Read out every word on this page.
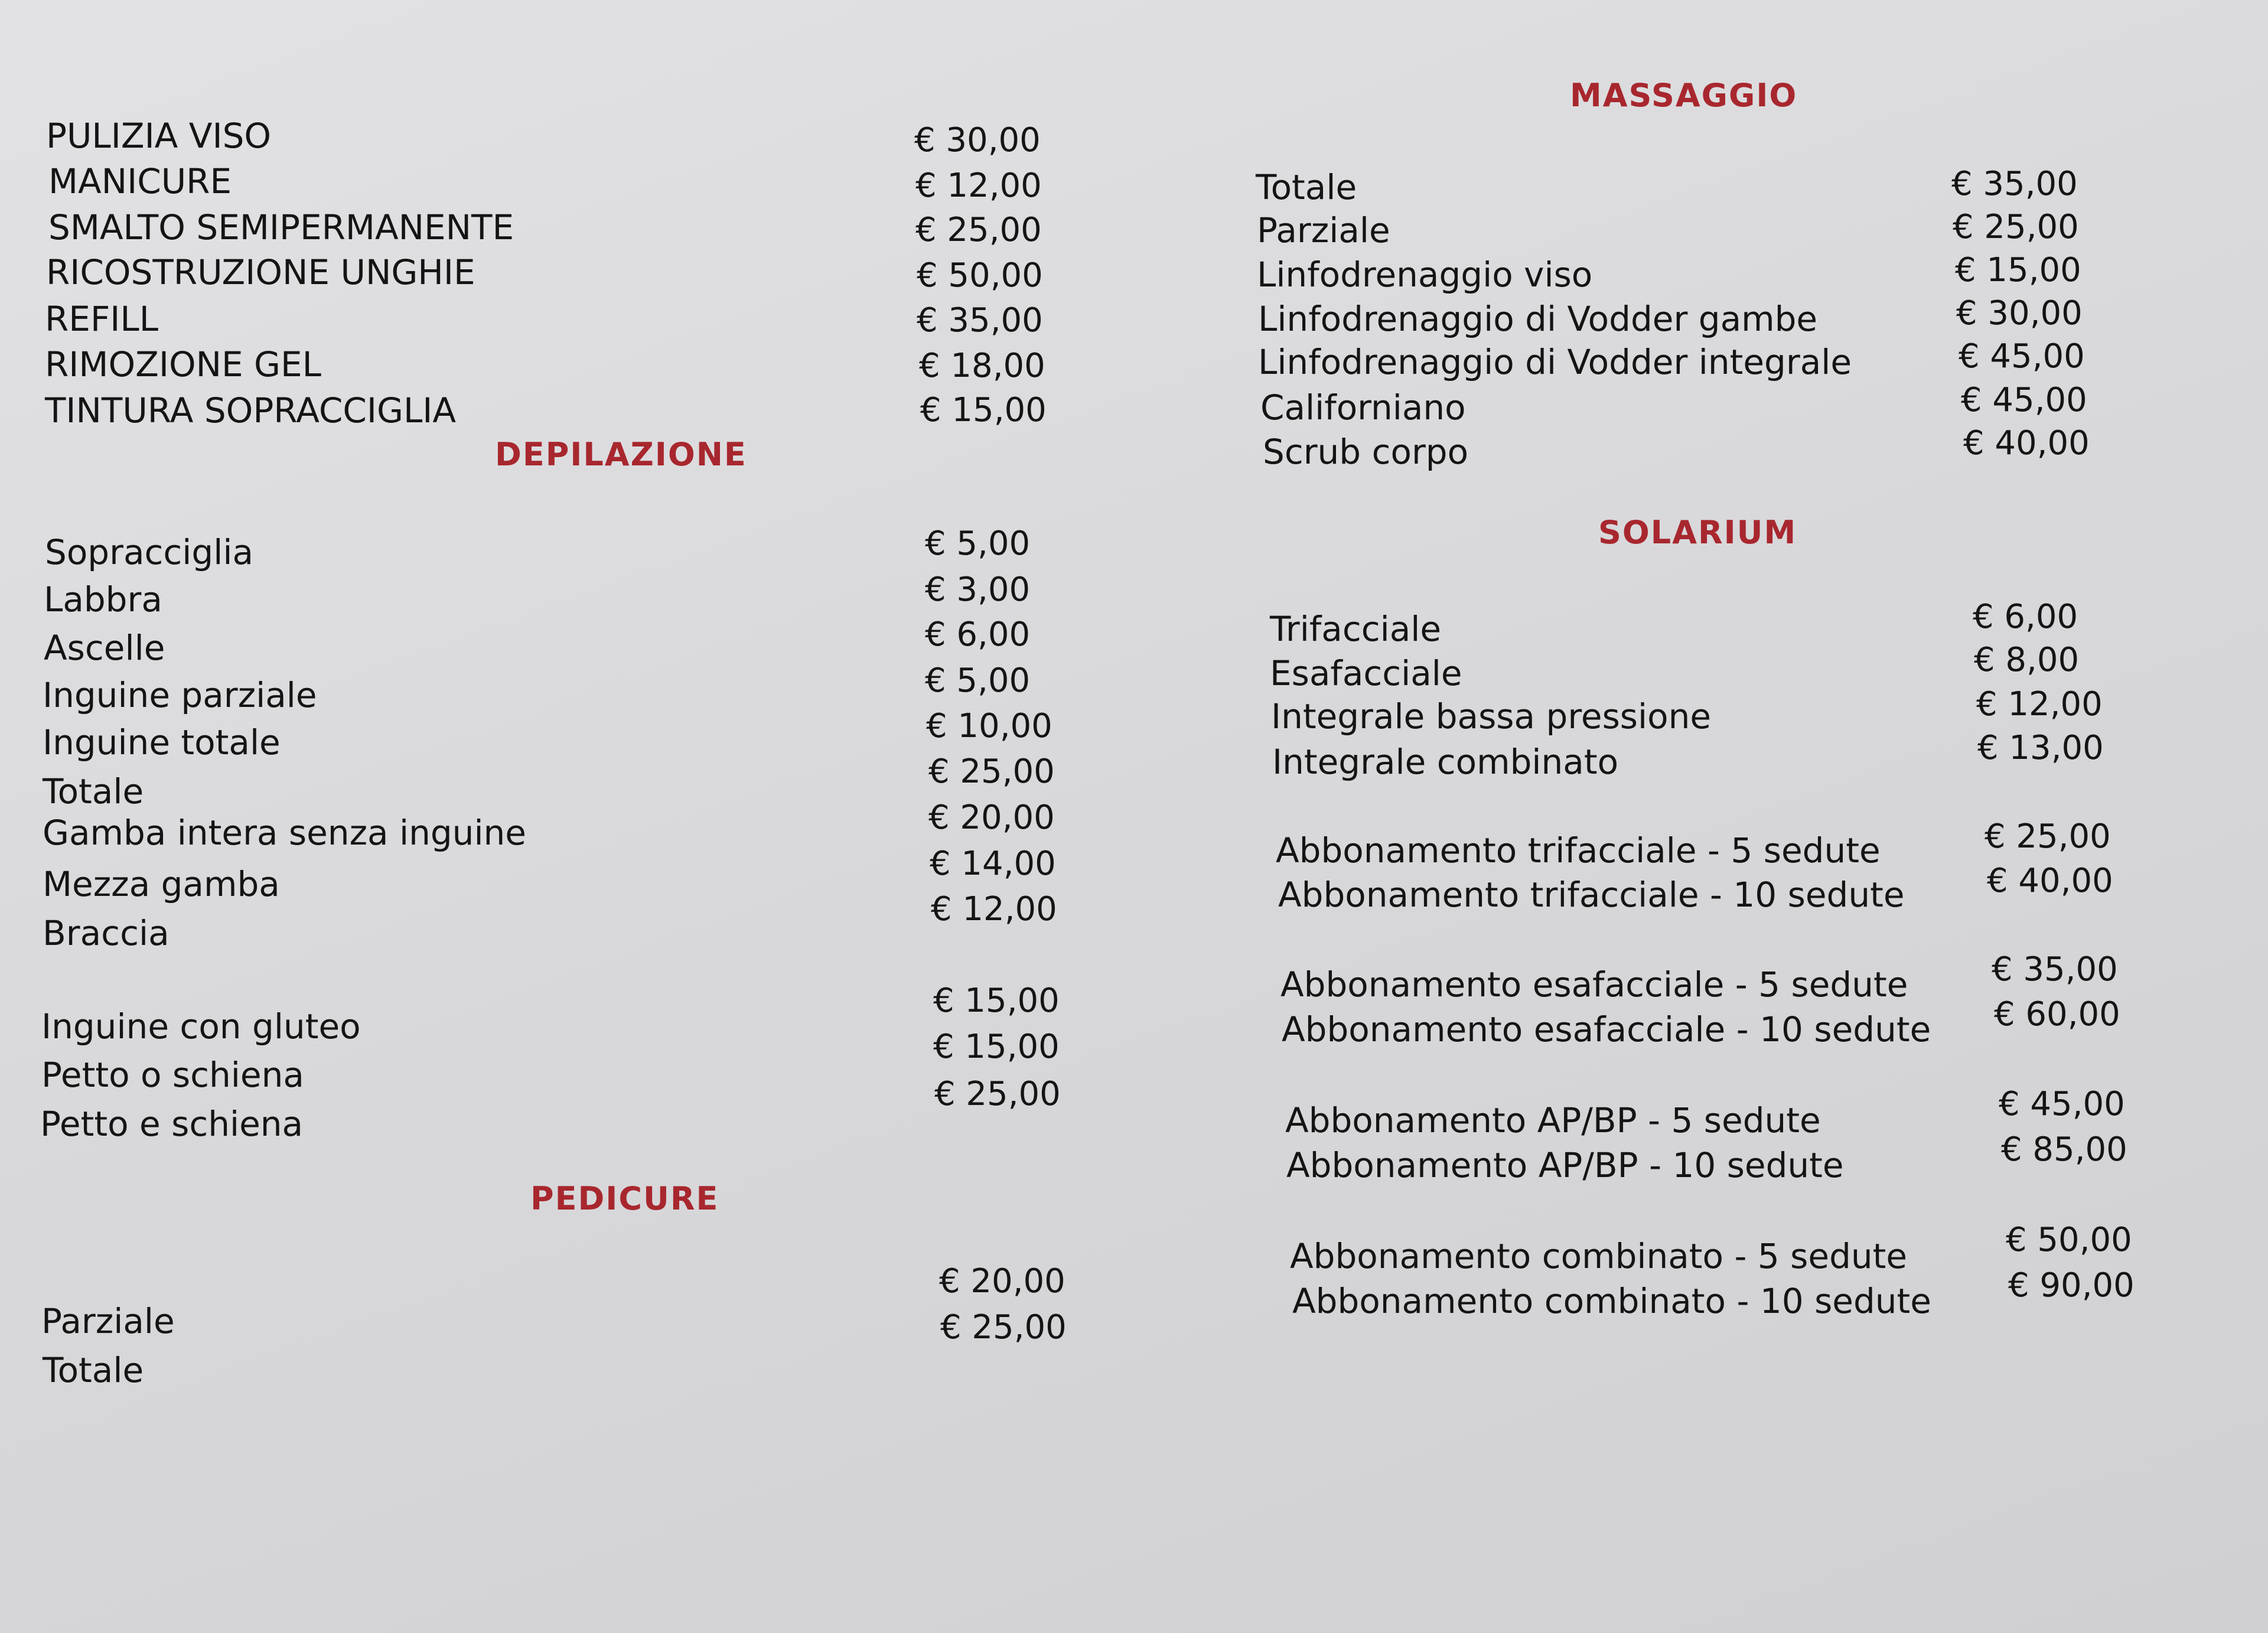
PULIZIA VISO

MANICURE

SMALTO SEMIPERMANENTE

RICOSTRUZIONE UNGHIE

REFILL

RIMOZIONE GEL

TINTURA SOPRACCIGLIA

€ 30,00

€ 12,00

€ 25,00

€ 50,00

€ 35,00

€ 18,00

€ 15,00

DEPILAZIONE

Sopracciglia

Labbra

Ascelle

Inguine parziale

Inguine totale

Totale

Gamba intera senza inguine

Mezza gamba

Braccia

Inguine con gluteo

Petto o schiena

Petto e schiena

€ 5,00

€ 3,00

€ 6,00

€ 5,00

€ 10,00

€ 25,00

€ 20,00

€ 14,00

€ 12,00

€ 15,00

€ 15,00

€ 25,00

PEDICURE

Parziale

Totale

€ 20,00

€ 25,00

MASSAGGIO

Totale

Parziale

Linfodrenaggio viso

Linfodrenaggio di Vodder gambe

Linfodrenaggio di Vodder integrale

Californiano

Scrub corpo

€ 35,00

€ 25,00

€ 15,00

€ 30,00

€ 45,00

€ 45,00

€ 40,00

SOLARIUM

Trifacciale

Esafacciale

Integrale bassa pressione

Integrale combinato

Abbonamento trifacciale - 5 sedute

Abbonamento trifacciale - 10 sedute

Abbonamento esafacciale - 5 sedute

Abbonamento esafacciale - 10 sedute

Abbonamento AP/BP - 5 sedute

Abbonamento AP/BP - 10 sedute

Abbonamento combinato - 5 sedute

Abbonamento combinato - 10 sedute

€ 6,00

€ 8,00

€ 12,00

€ 13,00

€ 25,00

€ 40,00

€ 35,00

€ 60,00

€ 45,00

€ 85,00

€ 50,00

€ 90,00
